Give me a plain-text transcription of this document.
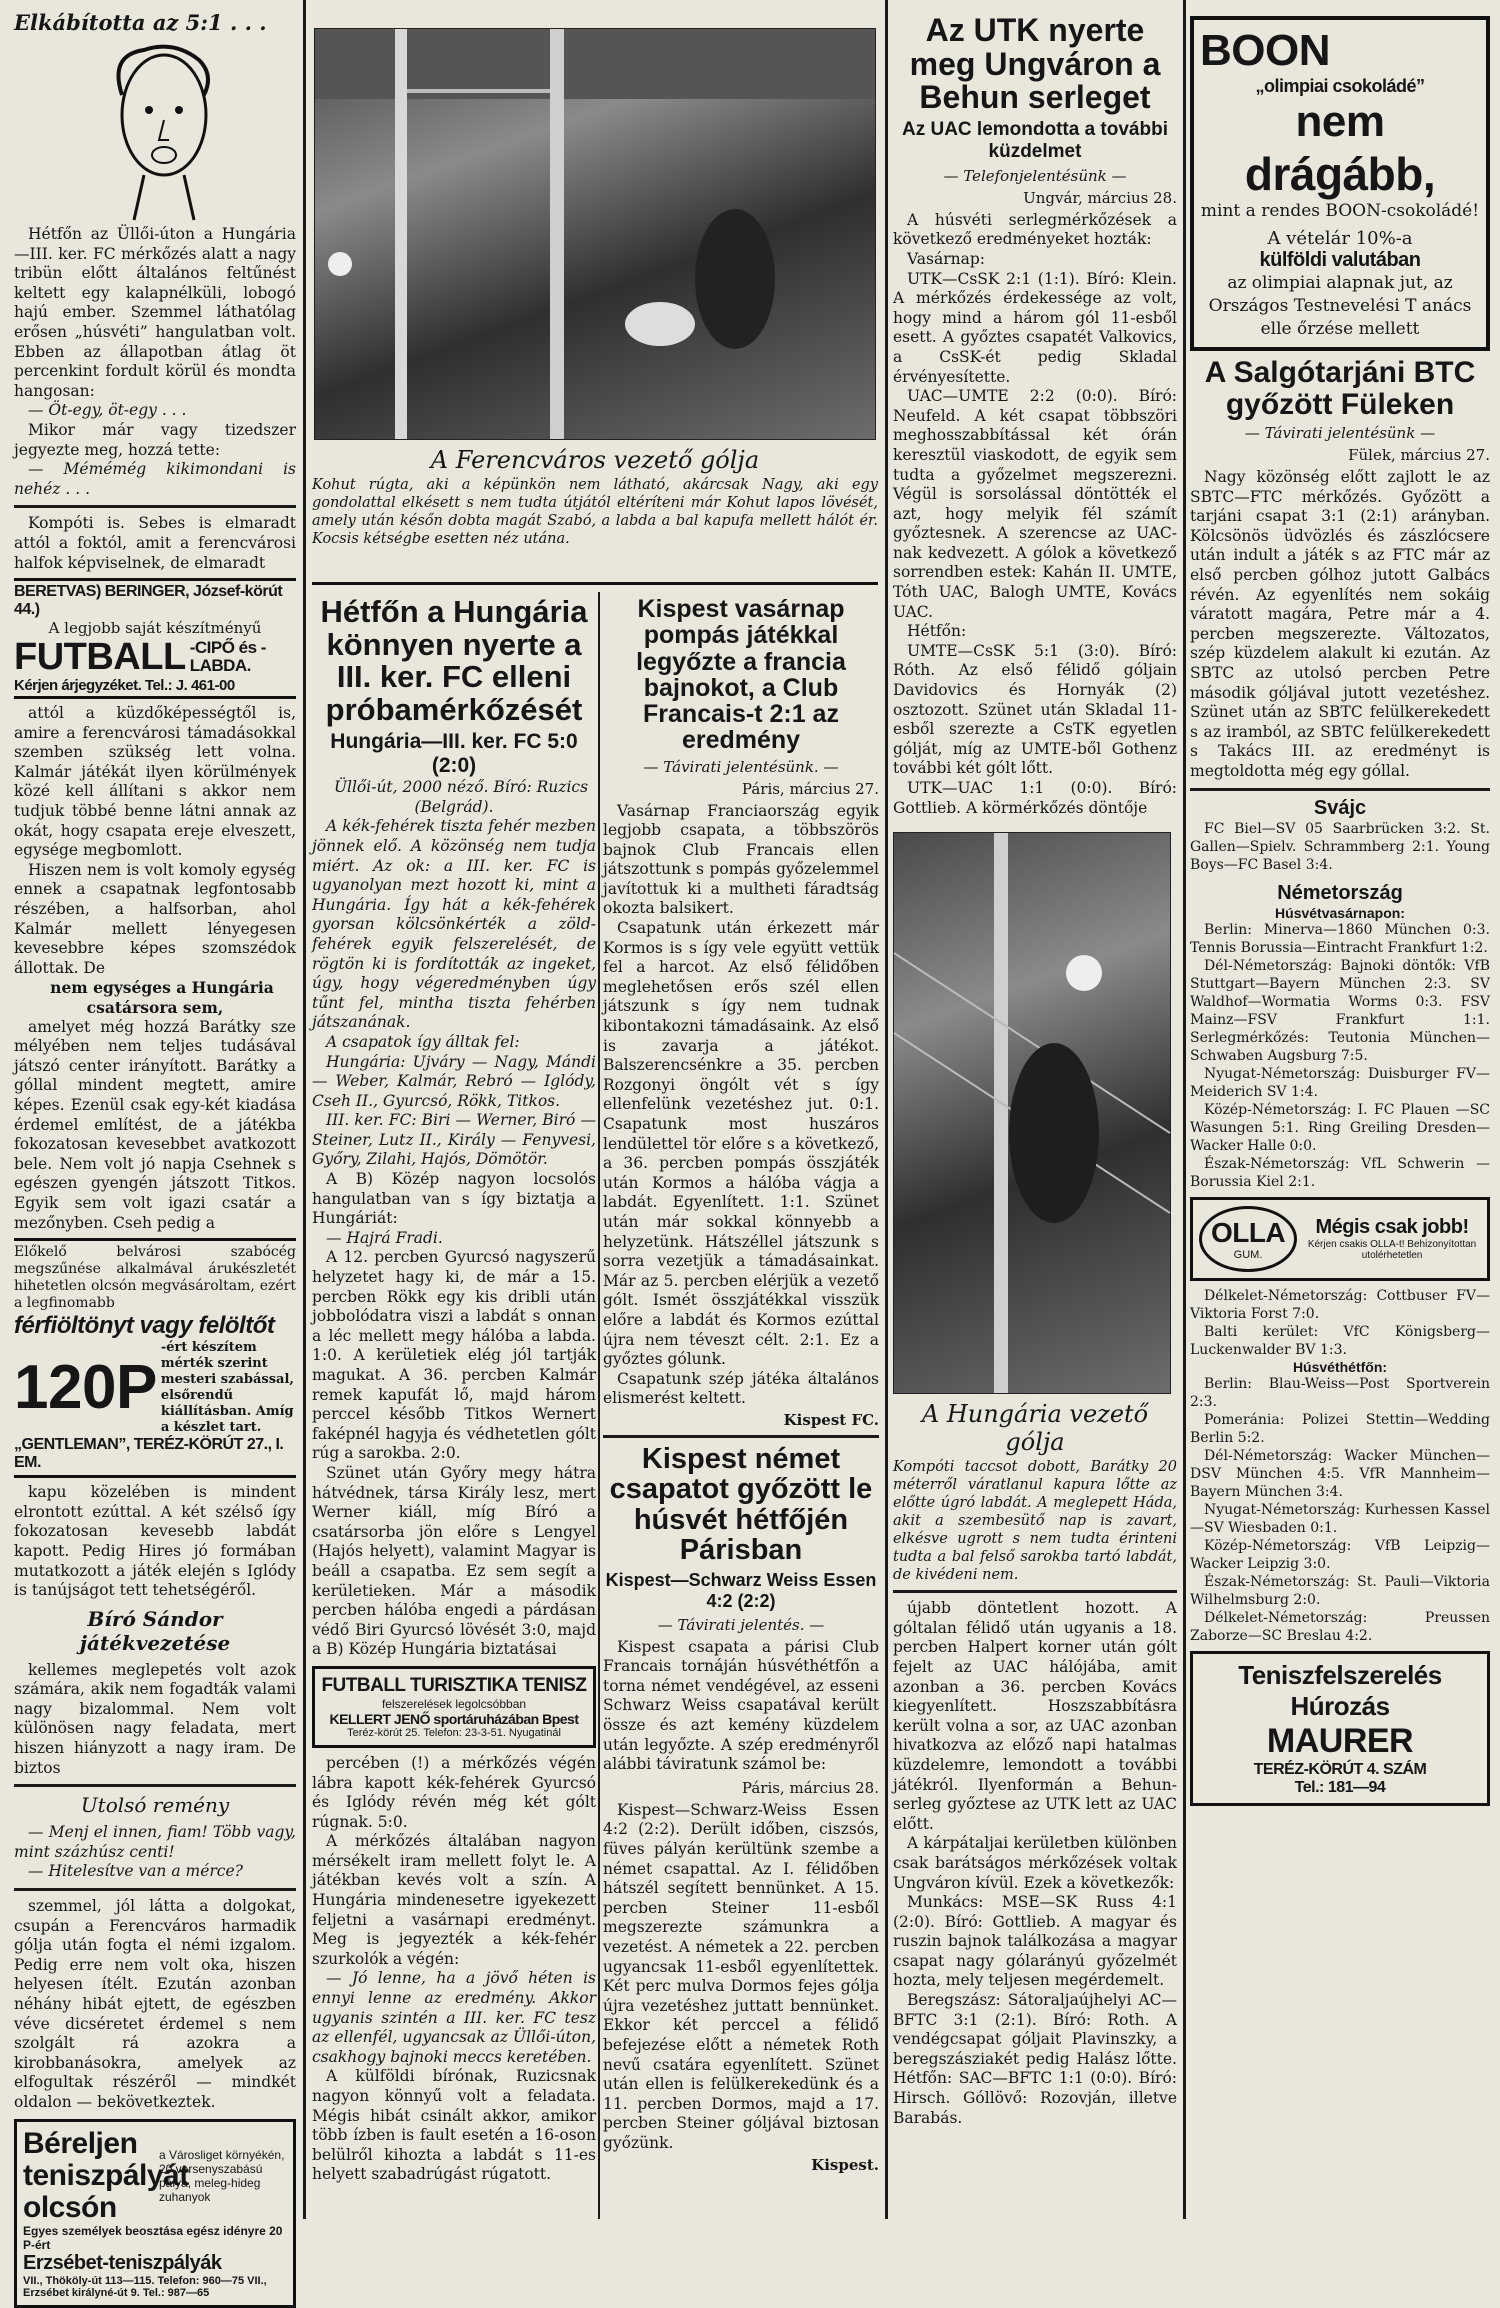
Elkábította az 5:1 . . .

Hétfőn az Üllői-úton a Hungária—III. ker. FC mérkőzés alatt a nagy tribün előtt általános feltűnést keltett egy kalapnélküli, lobogó hajú ember. Szemmel láthatólag erősen „húsvéti” hangulatban volt. Ebben az állapotban átlag öt percenkint fordult körül és mondta hangosan:

— Öt-egy, öt-egy . . .

Mikor már vagy tizedszer jegyezte meg, hozzá tette:

— Mémémég kikimondani is nehéz . . .

Kompóti is. Sebes is elmaradt attól a foktól, amit a ferencvárosi halfok képviselnek, de elmaradt

BERETVAS) BERINGER, József-körút 44.)
A legjobb saját készítményű
FUTBALL -CIPŐ és -LABDA.
Kérjen árjegyzéket. Tel.: J. 461-00

attól a küzdőképességtől is, amire a ferencvárosi támadásokkal szemben szükség lett volna. Kalmár játékát ilyen körülmények közé kell állítani s akkor nem tudjuk többé benne látni annak az okát, hogy csapata ereje elveszett, egysége megbomlott.

Hiszen nem is volt komoly egység ennek a csapatnak legfontosabb részében, a halfsorban, ahol Kalmár mellett lényegesen kevesebbre képes szomszédok állottak. De

nem egységes a Hungária csatársora sem,

amelyet még hozzá Barátky sze mélyében nem teljes tudásával játszó center irányított. Barátky a góllal mindent megtett, amire képes. Ezenül csak egy-két kiadása érdemel említést, de a játékba fokozatosan kevesebbet avatkozott bele. Nem volt jó napja Csehnek s egészen gyengén játszott Titkos. Egyik sem volt igazi csatár a mezőnyben. Cseh pedig a

Előkelő belvárosi szabócég megszűnése alkalmával árukészletét hihetetlen olcsón megvásároltam, ezért a legfinomabb
férfiöltönyt vagy felöltőt
120P
-ért készítem mérték szerint mesteri szabással, elsőrendű kiállításban. Amíg a készlet tart.
„GENTLEMAN”, TERÉZ-KÖRÚT 27., I. EM.

kapu közelében is mindent elrontott ezúttal. A két szélső így fokozatosan kevesebb labdát kapott. Pedig Hires jó formában mutatkozott a játék elején s Iglódy is tanújságot tett tehetségéről.

Bíró Sándor játékvezetése

kellemes meglepetés volt azok számára, akik nem fogadták valami nagy bizalommal. Nem volt különösen nagy feladata, mert hiszen hiányzott a nagy iram. De biztos

Utolsó remény

— Menj el innen, fiam! Több vagy, mint százhúsz centi!

— Hitelesítve van a mérce?

szemmel, jól látta a dolgokat, csupán a Ferencváros harmadik gólja után fogta el némi izgalom. Pedig erre nem volt oka, hiszen helyesen ítélt. Ezután azonban néhány hibát ejtett, de egészben véve dicséretet érdemel s nem szolgált rá azokra a kirobbanásokra, amelyek az elfogultak részéről — mindkét oldalon — bekövetkeztek.

Béreljen teniszpályát olcsón
a Városliget környékén, 20 versenyszabású pálya, meleg-hideg zuhanyok
Egyes személyek beosztása egész idényre 20 P-ért
Erzsébet-teniszpályák
VII., Thököly-út 113—115. Telefon: 960—75 VII., Erzsébet királyné-út 9. Tel.: 987—65
A Ferencváros vezető gólja

Kohut rúgta, aki a képünkön nem látható, akárcsak Nagy, aki egy gondolattal elkésett s nem tudta útjától eltéríteni már Kohut lapos lövését, amely után későn dobta magát Szabó, a labda a bal kapufa mellett hálót ér. Kocsis kétségbe esetten néz utána.

Hétfőn a Hungária könnyen nyerte a III. ker. FC elleni próbamérkőzését
Hungária—III. ker. FC 5:0 (2:0)

Üllői-út, 2000 néző. Bíró: Ruzics (Belgrád).

A kék-fehérek tiszta fehér mezben jönnek elő. A közönség nem tudja miért. Az ok: a III. ker. FC is ugyanolyan mezt hozott ki, mint a Hungária. Így hát a kék-fehérek gyorsan kölcsönkérték a zöld-fehérek egyik felszerelését, de rögtön ki is fordították az ingeket, úgy, hogy végeredményben úgy tűnt fel, mintha tiszta fehérben játszanának.

A csapatok így álltak fel:

Hungária: Ujváry — Nagy, Mándi — Weber, Kalmár, Rebró — Iglódy, Cseh II., Gyurcsó, Rökk, Titkos.

III. ker. FC: Biri — Werner, Biró — Steiner, Lutz II., Király — Fenyvesi, Győry, Zilahi, Hajós, Dömötör.

A B) Közép nagyon locsolós hangulatban van s így biztatja a Hungáriát:

— Hajrá Fradi.

A 12. percben Gyurcsó nagyszerű helyzetet hagy ki, de már a 15. percben Rökk egy kis dribli után jobbolódatra viszi a labdát s onnan a léc mellett megy hálóba a labda. 1:0. A kerületiek elég jól tartják magukat. A 36. percben Kalmár remek kapufát lő, majd három perccel később Titkos Wernert faképnél hagyja és védhetetlen gólt rúg a sarokba. 2:0.

Szünet után Győry megy hátra hátvédnek, társa Király lesz, mert Werner kiáll, míg Bíró a csatársorba jön előre s Lengyel (Hajós helyett), valamint Magyar is beáll a csapatba. Ez sem segít a kerületieken. Már a második percben hálóba engedi a párdásan védő Biri Gyurcsó lövését 3:0, majd a B) Közép Hungária biztatásai

FUTBALL TURISZTIKA TENISZ
felszerelések legolcsóbban
KELLERT JENŐ sportáruházában Bpest
Teréz-körút 25. Telefon: 23-3-51. Nyugatinál

percében (!) a mérkőzés végén lábra kapott kék-fehérek Gyurcsó és Iglódy révén még két gólt rúgnak. 5:0.

A mérkőzés általában nagyon mérsékelt iram mellett folyt le. A játékban kevés volt a szín. A Hungária mindenesetre igyekezett feljetni a vasárnapi eredményt. Meg is jegyezték a kék-fehér szurkolók a végén:

— Jó lenne, ha a jövő héten is ennyi lenne az eredmény. Akkor ugyanis szintén a III. ker. FC tesz az ellenfél, ugyancsak az Üllői-úton, csakhogy bajnoki meccs keretében.

A külföldi bírónak, Ruzicsnak nagyon könnyű volt a feladata. Mégis hibát csinált akkor, amikor több ízben is fault esetén a 16-oson belülről kihozta a labdát s 11-es helyett szabadrúgást rúgatott.

Kispest vasárnap pompás játékkal legyőzte a francia bajnokot, a Club Francais-t 2:1 az eredmény
— Távirati jelentésünk. —
Páris, március 27.

Vasárnap Franciaország egyik legjobb csapata, a többszörös bajnok Club Francais ellen játszottunk s pompás győzelemmel javítottuk ki a multheti fáradtság okozta balsikert.

Csapatunk után érkezett már Kormos is s így vele együtt vettük fel a harcot. Az első félidőben meglehetősen erős szél ellen játszunk s így nem tudnak kibontakozni támadásaink. Az első is zavarja a játékot. Balszerencsénkre a 35. percben Rozgonyi öngólt vét s így ellenfelünk vezetéshez jut. 0:1. Csapatunk most huszáros lendülettel tör előre s a következő, a 36. percben pompás összjáték után Kormos a hálóba vágja a labdát. Egyenlített. 1:1. Szünet után már sokkal könnyebb a helyzetünk. Hátszéllel játszunk s sorra vezetjük a támadásainkat. Már az 5. percben elérjük a vezető gólt. Ismét összjátékkal visszük előre a labdát és Kormos ezúttal újra nem téveszt célt. 2:1. Ez a győztes gólunk.

Csapatunk szép játéka általános elismerést keltett.

Kispest FC.
Kispest német csapatot győzött le húsvét hétfőjén Párisban
Kispest—Schwarz Weiss Essen 4:2 (2:2)
— Távirati jelentés. —

Kispest csapata a párisi Club Francais tornáján húsvéthétfőn a torna német vendégével, az esseni Schwarz Weiss csapatával került össze és azt kemény küzdelem után legyőzte. A szép eredményről alábbi táviratunk számol be:

Páris, március 28.

Kispest—Schwarz-Weiss Essen 4:2 (2:2). Derült időben, ciszsós, füves pályán kerültünk szembe a német csapattal. Az I. félidőben hátszél segített bennünket. A 15. percben Steiner 11-esből megszerezte számunkra a vezetést. A németek a 22. percben ugyancsak 11-esből egyenlítettek. Két perc mulva Dormos fejes gólja újra vezetéshez juttatt bennünket. Ekkor két perccel a félidő befejezése előtt a németek Roth nevű csatára egyenlített. Szünet után ellen is felülkerekedünk és a 11. percben Dormos, majd a 17. percben Steiner góljával biztosan győzünk.

Kispest.
Az UTK nyerte meg Ungváron a Behun serleget
Az UAC lemondotta a további küzdelmet
— Telefonjelentésünk —
Ungvár, március 28.

A húsvéti serlegmérkőzések a következő eredményeket hozták:

Vasárnap:

UTK—CsSK 2:1 (1:1). Bíró: Klein. A mérkőzés érdekessége az volt, hogy mind a három gól 11-esből esett. A győztes csapatét Valkovics, a CsSK-ét pedig Skladal érvényesítette.

UAC—UMTE 2:2 (0:0). Bíró: Neufeld. A két csapat többszöri meghosszabbítással két órán keresztül viaskodott, de egyik sem tudta a győzelmet megszerezni. Végül is sorsolással döntötték el azt, hogy melyik fél számít győztesnek. A szerencse az UAC-nak kedvezett. A gólok a következő sorrendben estek: Kahán II. UMTE, Tóth UAC, Balogh UMTE, Kovács UAC.

Hétfőn:

UMTE—CsSK 5:1 (3:0). Bíró: Róth. Az első félidő góljain Davidovics és Hornyák (2) osztozott. Szünet után Skladal 11-esből szerezte a CsTK egyetlen gólját, míg az UMTE-ből Gothenz további két gólt lőtt.

UTK—UAC 1:1 (0:0). Bíró: Gottlieb. A körmérkőzés döntője

A Hungária vezető gólja

Kompóti taccsot dobott, Barátky 20 méterről váratlanul kapura lőtte az előtte úgró labdát. A meglepett Háda, akit a szembesütő nap is zavart, elkésve ugrott s nem tudta érinteni tudta a bal felső sarokba tartó labdát, de kivédeni nem.

újabb döntetlent hozott. A góltalan félidő után ugyanis a 18. percben Halpert korner után gólt fejelt az UAC hálójába, amit azonban a 36. percben Kovács kiegyenlített. Hoszszabbításra került volna a sor, az UAC azonban hivatkozva az előző napi hatalmas küzdelemre, lemondott a további játékról. Ilyenformán a Behun-serleg győztese az UTK lett az UAC előtt.

A kárpátaljai kerületben különben csak barátságos mérkőzések voltak Ungváron kívül. Ezek a következők:

Munkács: MSE—SK Russ 4:1 (2:0). Bíró: Gottlieb. A magyar és ruszin bajnok találkozása a magyar csapat nagy gólarányú győzelmét hozta, mely teljesen megérdemelt.

Beregszász: Sátoraljaújhelyi AC—BFTC 3:1 (2:1). Bíró: Roth. A vendégcsapat góljait Plavinszky, a beregszásziakét pedig Halász lőtte. Hétfőn: SAC—BFTC 1:1 (0:0). Bíró: Hirsch. Góllövő: Rozovján, illetve Barabás.

BOON
„olimpiai csokoládé”
nem
drágább,
mint a rendes BOON-csokoládé!
A vételár 10%-a
külföldi valutában
az olimpiai alapnak jut, az Országos Testnevelési T anács elle őrzése mellett
A Salgótarjáni BTC győzött Füleken
— Távirati jelentésünk —
Fülek, március 27.

Nagy közönség előtt zajlott le az SBTC—FTC mérkőzés. Győzött a tarjáni csapat 3:1 (2:1) arányban. Kölcsönös üdvözlés és zászlócsere után indult a játék s az FTC már az első percben gólhoz jutott Galbács révén. Az egyenlítés nem sokáig váratott magára, Petre már a 4. percben megszerezte. Változatos, szép küzdelem alakult ki ezután. Az SBTC az utolsó percben Petre második góljával jutott vezetéshez. Szünet után az SBTC felülkerekedett s az iramból, az SBTC felülkerekedett s Takács III. az eredményt is megtoldotta még egy góllal.

Svájc

FC Biel—SV 05 Saarbrücken 3:2. St. Gallen—Spielv. Schrammberg 2:1. Young Boys—FC Basel 3:4.

Németország
Húsvétvasárnapon:

Berlin: Minerva—1860 München 0:3. Tennis Borussia—Eintracht Frankfurt 1:2.

Dél-Németország: Bajnoki döntők: VfB Stuttgart—Bayern München 2:3. SV Waldhof—Wormatia Worms 0:3. FSV Mainz—FSV Frankfurt 1:1. Serlegmérkőzés: Teutonia München—Schwaben Augsburg 7:5.

Nyugat-Németország: Duisburger FV—Meiderich SV 1:4.

Közép-Németország: I. FC Plauen —SC Wasungen 5:1. Ring Greiling Dresden—Wacker Halle 0:0.

Észak-Németország: VfL Schwerin —Borussia Kiel 2:1.

OLLA
GUM.
Mégis csak jobb!
Kérjen csakis OLLA-t! Behizonyítottan utolérhetetlen

Délkelet-Németország: Cottbuser FV—Viktoria Forst 7:0.

Balti kerület: VfC Königsberg—Luckenwalder BV 1:3.

Húsvéthétfőn:

Berlin: Blau-Weiss—Post Sportverein 2:3.

Pomeránia: Polizei Stettin—Wedding Berlin 5:2.

Dél-Németország: Wacker München—DSV München 4:5. VfR Mannheim—Bayern München 3:4.

Nyugat-Németország: Kurhessen Kassel—SV Wiesbaden 0:1.

Közép-Németország: VfB Leipzig—Wacker Leipzig 3:0.

Észak-Németország: St. Pauli—Viktoria Wilhelmsburg 2:0.

Délkelet-Németország: Preussen Zaborze—SC Breslau 4:2.

Teniszfelszerelés
Húrozás
MAURER
TERÉZ-KÖRÚT 4. SZÁM
Tel.: 181—94
